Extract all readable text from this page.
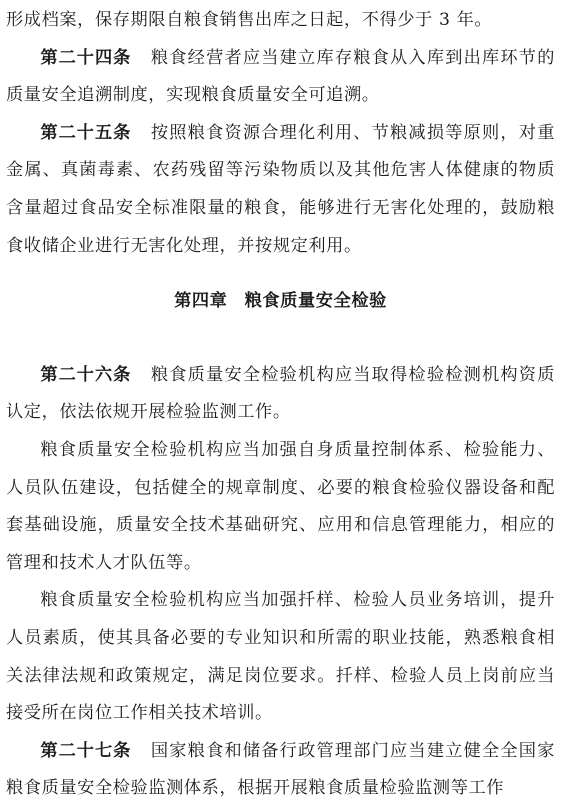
形成档案，保存期限自粮食销售出库之日起，不得少于 3 年。

第二十四条 粮食经营者应当建立库存粮食从入库到出库环节的质量安全追溯制度，实现粮食质量安全可追溯。

第二十五条 按照粮食资源合理化利用、节粮减损等原则，对重金属、真菌毒素、农药残留等污染物质以及其他危害人体健康的物质含量超过食品安全标准限量的粮食，能够进行无害化处理的，鼓励粮食收储企业进行无害化处理，并按规定利用。

第四章 粮食质量安全检验

第二十六条 粮食质量安全检验机构应当取得检验检测机构资质认定，依法依规开展检验监测工作。

粮食质量安全检验机构应当加强自身质量控制体系、检验能力、人员队伍建设，包括健全的规章制度、必要的粮食检验仪器设备和配套基础设施，质量安全技术基础研究、应用和信息管理能力，相应的管理和技术人才队伍等。

粮食质量安全检验机构应当加强扦样、检验人员业务培训，提升人员素质，使其具备必要的专业知识和所需的职业技能，熟悉粮食相关法律法规和政策规定，满足岗位要求。扦样、检验人员上岗前应当接受所在岗位工作相关技术培训。

第二十七条 国家粮食和储备行政管理部门应当建立健全全国家粮食质量安全检验监测体系，根据开展粮食质量检验监测等工作
